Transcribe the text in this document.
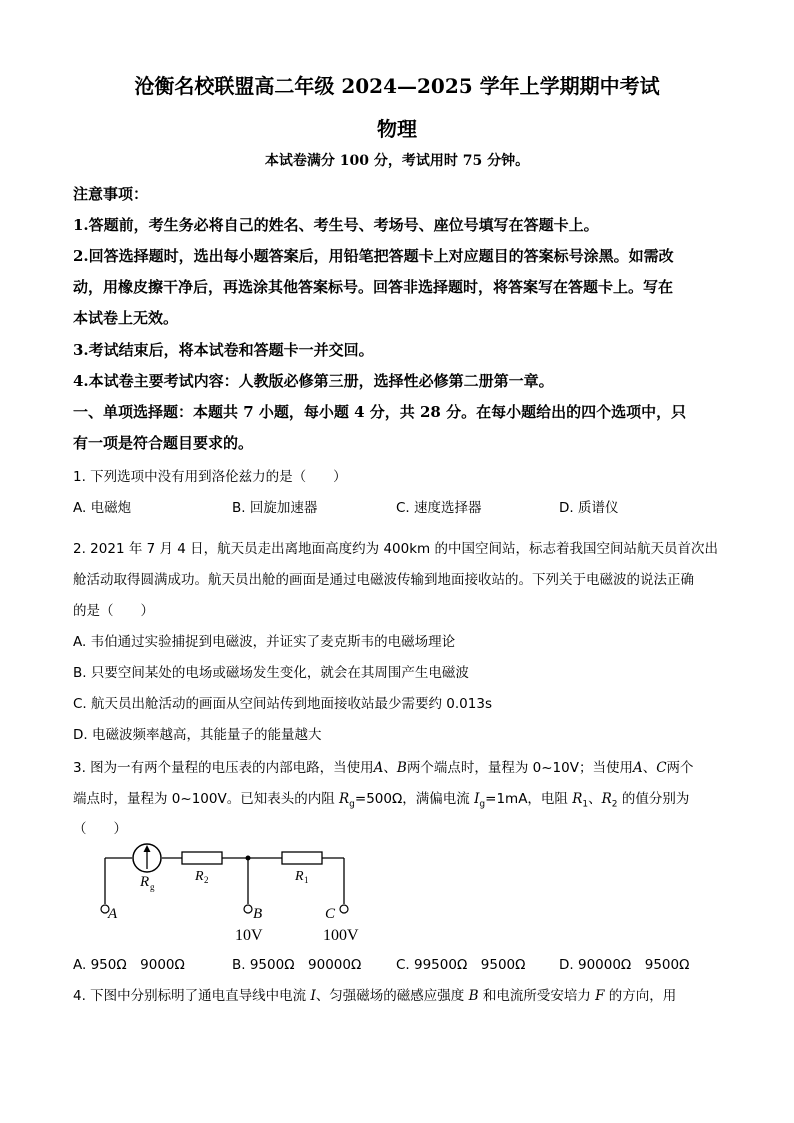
沧衡名校联盟高二年级 2024—2025 学年上学期期中考试
物理
本试卷满分 100 分，考试用时 75 分钟。
注意事项：
1.答题前，考生务必将自己的姓名、考生号、考场号、座位号填写在答题卡上。
2.回答选择题时，选出每小题答案后，用铅笔把答题卡上对应题目的答案标号涂黑。如需改
动，用橡皮擦干净后，再选涂其他答案标号。回答非选择题时，将答案写在答题卡上。写在
本试卷上无效。
3.考试结束后，将本试卷和答题卡一并交回。
4.本试卷主要考试内容：人教版必修第三册，选择性必修第二册第一章。
一、单项选择题：本题共 7 小题，每小题 4 分，共 28 分。在每小题给出的四个选项中，只
有一项是符合题目要求的。
1. 下列选项中没有用到洛伦兹力的是（　　）
A. 电磁炮	B. 回旋加速器	C. 速度选择器	D. 质谱仪
2. 2021 年 7 月 4 日，航天员走出离地面高度约为 400km 的中国空间站，标志着我国空间站航天员首次出
舱活动取得圆满成功。航天员出舱的画面是通过电磁波传输到地面接收站的。下列关于电磁波的说法正确
的是（　　）
A. 韦伯通过实验捕捉到电磁波，并证实了麦克斯韦的电磁场理论
B. 只要空间某处的电场或磁场发生变化，就会在其周围产生电磁波
C. 航天员出舱活动的画面从空间站传到地面接收站最少需要约 0.013s
D. 电磁波频率越高，其能量子的能量越大
3. 图为一有两个量程的电压表的内部电路，当使用A、B两个端点时，量程为 0~10V；当使用A、C两个
端点时，量程为 0~100V。已知表头的内阻 $R_g=500\Omega$，满偏电流 $I_g=1mA$，电阻 $R_1$、$R_2$ 的值分别为
（　　）
R g
R 2	R 1
A	B	C
10V	100V
A. 950Ω　9000Ω	B. 9500Ω　90000Ω	C. 99500Ω　9500Ω D. 90000Ω　9500Ω
4. 下图中分别标明了通电直导线中电流 I、匀强磁场的磁感应强度 B 和电流所受安培力 F 的方向，用
